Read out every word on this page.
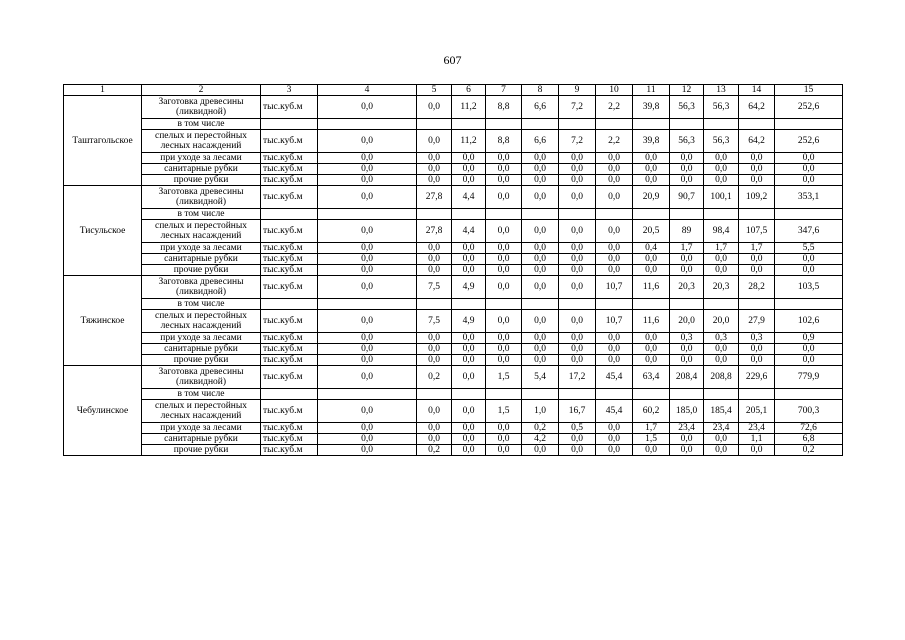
607
1	2	3	4	5	6	7	8	9	10	11	12	13	14	15
Таштагольское	Заготовка древесины (ликвидной)	тыс.куб.м	0,0	0,0	11,2	8,8	6,6	7,2	2,2	39,8	56,3	56,3	64,2	252,6
	в том числе													
	спелых и перестойных лесных насаждений	тыс.куб.м	0,0	0,0	11,2	8,8	6,6	7,2	2,2	39,8	56,3	56,3	64,2	252,6
	при уходе за лесами	тыс.куб.м	0,0	0,0	0,0	0,0	0,0	0,0	0,0	0,0	0,0	0,0	0,0	0,0
	санитарные рубки	тыс.куб.м	0,0	0,0	0,0	0,0	0,0	0,0	0,0	0,0	0,0	0,0	0,0	0,0
	прочие рубки	тыс.куб.м	0,0	0,0	0,0	0,0	0,0	0,0	0,0	0,0	0,0	0,0	0,0	0,0
Тисульское	Заготовка древесины (ликвидной)	тыс.куб.м	0,0	27,8	4,4	0,0	0,0	0,0	0,0	20,9	90,7	100,1	109,2	353,1
	в том числе													
	спелых и перестойных лесных насаждений	тыс.куб.м	0,0	27,8	4,4	0,0	0,0	0,0	0,0	20,5	89	98,4	107,5	347,6
	при уходе за лесами	тыс.куб.м	0,0	0,0	0,0	0,0	0,0	0,0	0,0	0,4	1,7	1,7	1,7	5,5
	санитарные рубки	тыс.куб.м	0,0	0,0	0,0	0,0	0,0	0,0	0,0	0,0	0,0	0,0	0,0	0,0
	прочие рубки	тыс.куб.м	0,0	0,0	0,0	0,0	0,0	0,0	0,0	0,0	0,0	0,0	0,0	0,0
Тяжинское	Заготовка древесины (ликвидной)	тыс.куб.м	0,0	7,5	4,9	0,0	0,0	0,0	10,7	11,6	20,3	20,3	28,2	103,5
	в том числе													
	спелых и перестойных лесных насаждений	тыс.куб.м	0,0	7,5	4,9	0,0	0,0	0,0	10,7	11,6	20,0	20,0	27,9	102,6
	при уходе за лесами	тыс.куб.м	0,0	0,0	0,0	0,0	0,0	0,0	0,0	0,0	0,3	0,3	0,3	0,9
	санитарные рубки	тыс.куб.м	0,0	0,0	0,0	0,0	0,0	0,0	0,0	0,0	0,0	0,0	0,0	0,0
	прочие рубки	тыс.куб.м	0,0	0,0	0,0	0,0	0,0	0,0	0,0	0,0	0,0	0,0	0,0	0,0
Чебулинское	Заготовка древесины (ликвидной)	тыс.куб.м	0,0	0,2	0,0	1,5	5,4	17,2	45,4	63,4	208,4	208,8	229,6	779,9
	в том числе													
	спелых и перестойных лесных насаждений	тыс.куб.м	0,0	0,0	0,0	1,5	1,0	16,7	45,4	60,2	185,0	185,4	205,1	700,3
	при уходе за лесами	тыс.куб.м	0,0	0,0	0,0	0,0	0,2	0,5	0,0	1,7	23,4	23,4	23,4	72,6
	санитарные рубки	тыс.куб.м	0,0	0,0	0,0	0,0	4,2	0,0	0,0	1,5	0,0	0,0	1,1	6,8
	прочие рубки	тыс.куб.м	0,0	0,2	0,0	0,0	0,0	0,0	0,0	0,0	0,0	0,0	0,0	0,2
